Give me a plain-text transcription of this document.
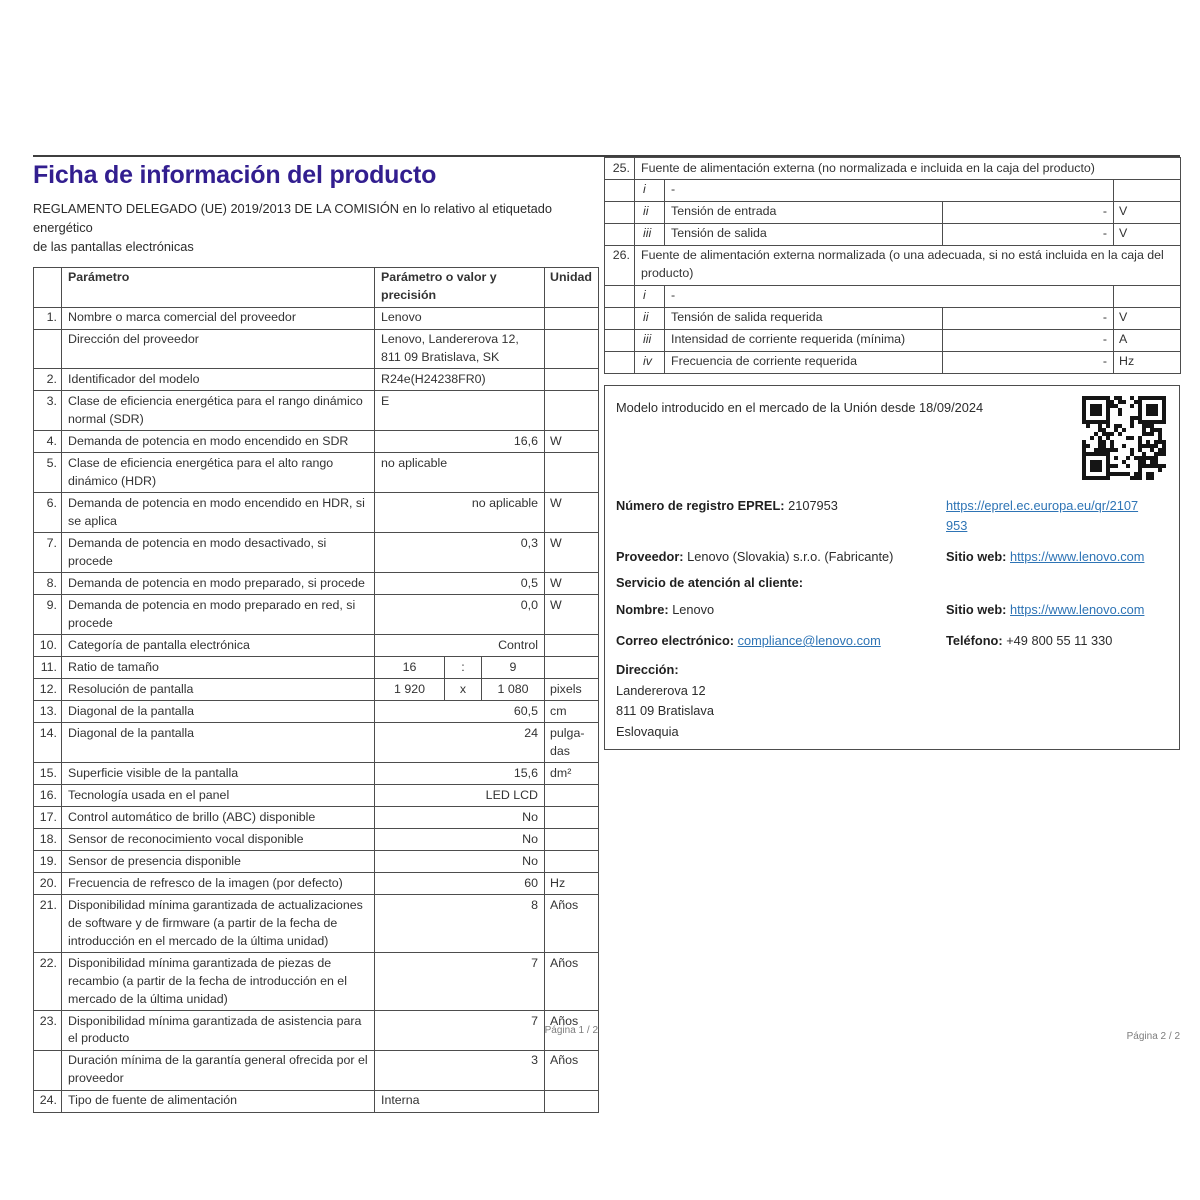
Ficha de información del producto
REGLAMENTO DELEGADO (UE) 2019/2013 DE LA COMISIÓN en lo relativo al etiquetado energético
de las pantallas electrónicas
	Parámetro	Parámetro o valor y precisión			Unidad
1.	Nombre o marca comercial del proveedor	Lenovo			
	Dirección del proveedor	Lenovo, Landererova 12, 811 09 Bratislava, SK			
2.	Identificador del modelo	R24e(H24238FR0)			
3.	Clase de eficiencia energética para el rango dinámico normal (SDR)	E			
4.	Demanda de potencia en modo encendido en SDR	16,6			W
5.	Clase de eficiencia energética para el alto rango dinámico (HDR)	no aplicable			
6.	Demanda de potencia en modo encendido en HDR, si se aplica	no aplicable			W
7.	Demanda de potencia en modo desactivado, si procede	0,3			W
8.	Demanda de potencia en modo preparado, si procede	0,5			W
9.	Demanda de potencia en modo preparado en red, si procede	0,0			W
10.	Categoría de pantalla electrónica	Control			
11.	Ratio de tamaño	16	:	9	
12.	Resolución de pantalla	1 920	x	1 080	pixels
13.	Diagonal de la pantalla	60,5			cm
14.	Diagonal de la pantalla	24			pulga-das
15.	Superficie visible de la pantalla	15,6			dm²
16.	Tecnología usada en el panel	LED LCD			
17.	Control automático de brillo (ABC) disponible	No			
18.	Sensor de reconocimiento vocal disponible	No			
19.	Sensor de presencia disponible	No			
20.	Frecuencia de refresco de la imagen (por defecto)	60			Hz
21.	Disponibilidad mínima garantizada de actualizaciones de software y de firmware (a partir de la fecha de introducción en el mercado de la última unidad)	8			Años
22.	Disponibilidad mínima garantizada de piezas de recambio (a partir de la fecha de introducción en el mercado de la última unidad)	7			Años
23.	Disponibilidad mínima garantizada de asistencia para el producto	7			Años
	Duración mínima de la garantía general ofrecida por el proveedor	3			Años
24.	Tipo de fuente de alimentación	Interna			
25.	Fuente de alimentación externa (no normalizada e incluida en la caja del producto)			
	i	-		
	ii	Tensión de entrada	-	V
	iii	Tensión de salida	-	V
26.	Fuente de alimentación externa normalizada (o una adecuada, si no está incluida en la caja del producto)			
	i	-		
	ii	Tensión de salida requerida	-	V
	iii	Intensidad de corriente requerida (mínima)	-	A
	iv	Frecuencia de corriente requerida	-	Hz
Modelo introducido en el mercado de la Unión desde 18/09/2024
Número de registro EPREL: 2107953	https://eprel.ec.europa.eu/qr/2107953
Proveedor: Lenovo (Slovakia) s.r.o. (Fabricante)	Sitio web: https://www.lenovo.com
Servicio de atención al cliente:
Nombre: Lenovo	Sitio web: https://www.lenovo.com
Correo electrónico: compliance@lenovo.com	Teléfono: +49 800 55 11 330
Dirección:
Landererova 12
811 09 Bratislava
Eslovaquia
Página 1 / 2
Página 2 / 2
